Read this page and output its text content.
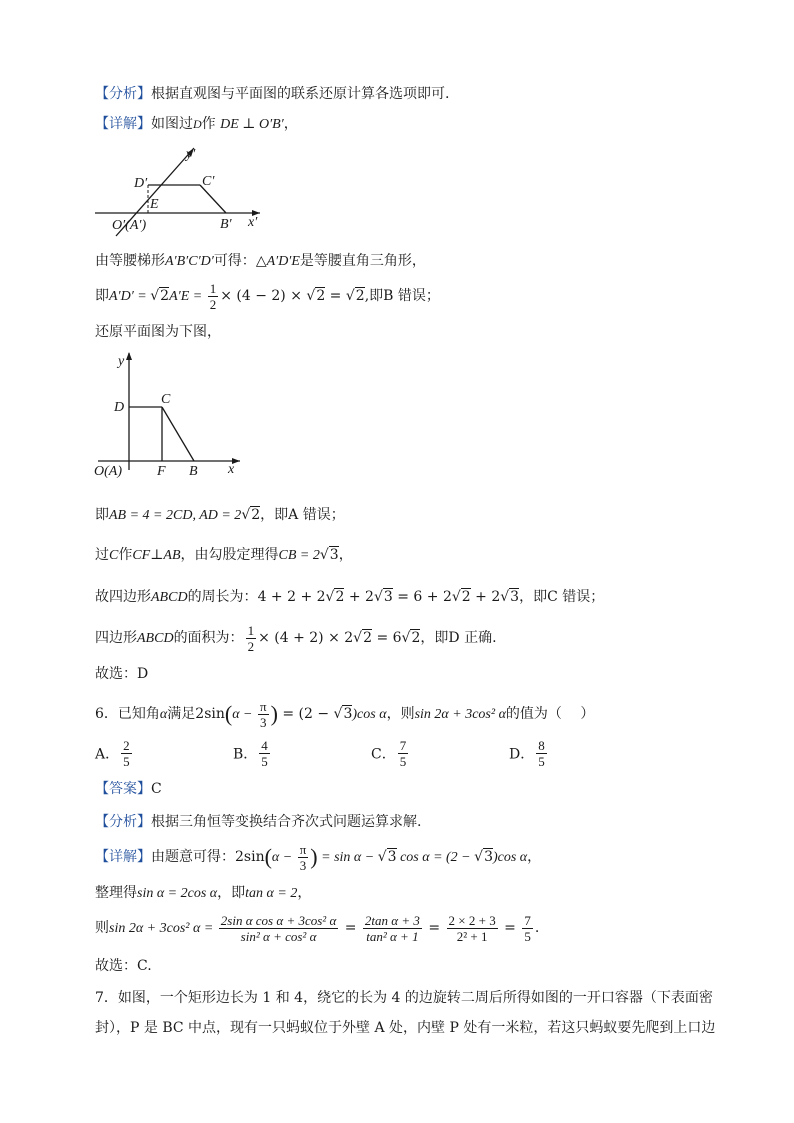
【分析】根据直观图与平面图的联系还原计算各选项即可.
【详解】如图过D作 DE ⊥ O′B′，
y′
x′
D′	C′
E
B′
O′(A′)
由等腰梯形A′B′C′D′可得：△A′D′E是等腰直角三角形，
即$A'D' = √2A'E = \frac{1}{2} \times (4 - 2) \times √2 = √2$,即B 错误；
还原平面图为下图，
y
x
D
C
O(A)	F B
即AB = 4 = 2CD, AD = 2√2，即A 错误；
过C作CF⊥AB，由勾股定理得CB = 2√3，
故四边形ABCD的周长为：4 + 2 + 2√2 + 2√3 = 6 + 2√2 + 2√3，即C 错误；
四边形ABCD的面积为： $\frac{1}{2} \times (4 + 2) \times 2√2 = 6√2$，即D 正确.
故选：D
6．已知角α满足$2\sin(\alpha - \frac{\pi}{3}$ ) = (2 − √3)cos α，则sin 2α + 3cos² α的值为（　 ）
A． $\frac{2}{5}$	B． $\frac{4}{5}$	C． $\frac{7}{5}$	D． $\frac{8}{5}$
【答案】C
【分析】根据三角恒等变换结合齐次式问题运算求解.
【详解】由题意可得：$2\sin(\alpha - \frac{\pi}{3}$ ) = sin α − √3 cos α = (2 − √3)cos α，
整理得sin α = 2cos α，即tan α = 2，
则sin 2α + 3cos² $\alpha = \frac{\text{2sin α cos α + 3cos² α}}{\text{sin² α + cos² α}} = \frac{\text{2tan α + 3}}{\text{tan² α + 1}} = \frac{2 \times 2 + 3}{\text{2² + 1}} = \frac{7}{5}$ .
故选：C.
7．如图，一个矩形边长为 1 和 4，绕它的长为 4 的边旋转二周后所得如图的一开口容器（下表面密
封），P 是 BC 中点，现有一只蚂蚁位于外壁 A 处，内壁 P 处有一米粒，若这只蚂蚁要先爬到上口边
